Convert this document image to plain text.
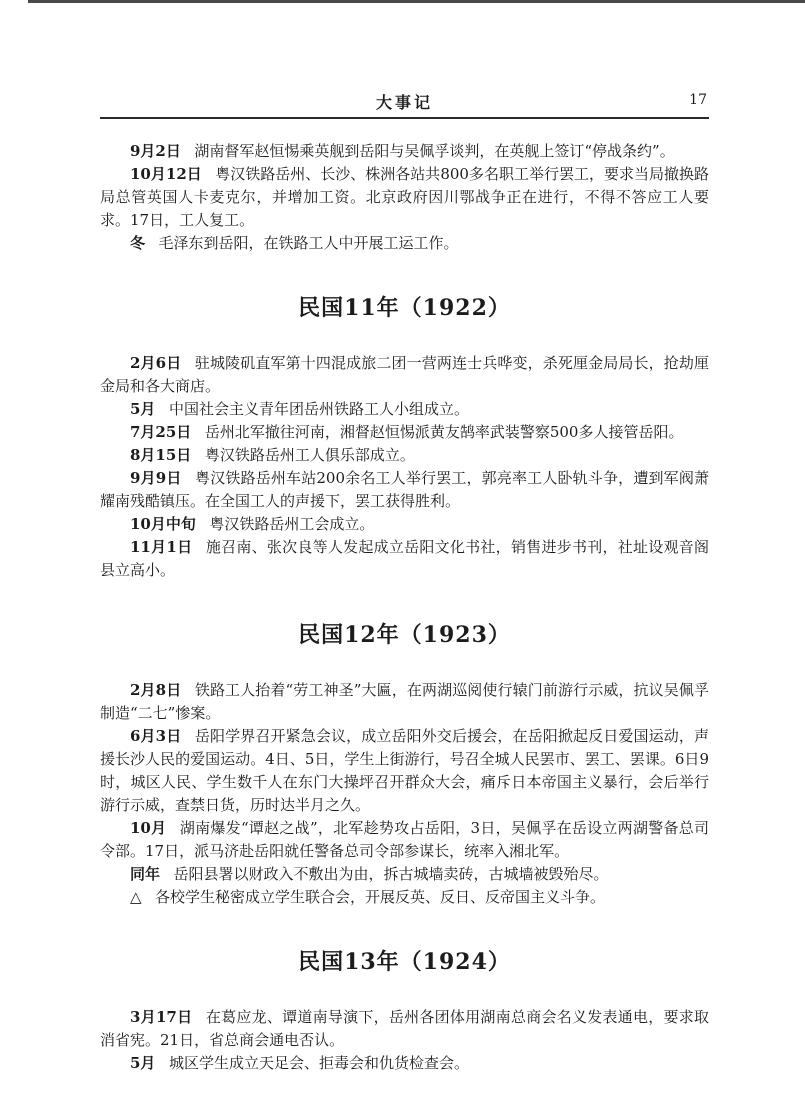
大事记	17

9月2日 湖南督军赵恒惕乘英舰到岳阳与吴佩孚谈判，在英舰上签订“停战条约”。

10月12日 粤汉铁路岳州、长沙、株洲各站共800多名职工举行罢工，要求当局撤换路局总管英国人卡麦克尔，并增加工资。北京政府因川鄂战争正在进行，不得不答应工人要求。17日，工人复工。

冬 毛泽东到岳阳，在铁路工人中开展工运工作。

民国11年（1922）

2月6日 驻城陵矶直军第十四混成旅二团一营两连士兵哗变，杀死厘金局局长，抢劫厘金局和各大商店。

5月 中国社会主义青年团岳州铁路工人小组成立。

7月25日 岳州北军撤往河南，湘督赵恒惕派黄友鹄率武装警察500多人接管岳阳。

8月15日 粤汉铁路岳州工人俱乐部成立。

9月9日 粤汉铁路岳州车站200余名工人举行罢工，郭亮率工人卧轨斗争，遭到军阀萧耀南残酷镇压。在全国工人的声援下，罢工获得胜利。

10月中旬 粤汉铁路岳州工会成立。

11月1日 施召南、张次良等人发起成立岳阳文化书社，销售进步书刊，社址设观音阁县立高小。

民国12年（1923）

2月8日 铁路工人抬着“劳工神圣”大匾，在两湖巡阅使行辕门前游行示威，抗议吴佩孚制造“二七”惨案。

6月3日 岳阳学界召开紧急会议，成立岳阳外交后援会，在岳阳掀起反日爱国运动，声援长沙人民的爱国运动。4日、5日，学生上街游行，号召全城人民罢市、罢工、罢课。6日9时，城区人民、学生数千人在东门大操坪召开群众大会，痛斥日本帝国主义暴行，会后举行游行示威，查禁日货，历时达半月之久。

10月 湖南爆发“谭赵之战”，北军趁势攻占岳阳，3日，吴佩孚在岳设立两湖警备总司令部。17日，派马济赴岳阳就任警备总司令部参谋长，统率入湘北军。

同年 岳阳县署以财政入不敷出为由，拆古城墙卖砖，古城墙被毁殆尽。

△ 各校学生秘密成立学生联合会，开展反英、反日、反帝国主义斗争。

民国13年（1924）

3月17日 在葛应龙、谭道南导演下，岳州各团体用湖南总商会名义发表通电，要求取消省宪。21日，省总商会通电否认。

5月 城区学生成立天足会、拒毒会和仇货检查会。
